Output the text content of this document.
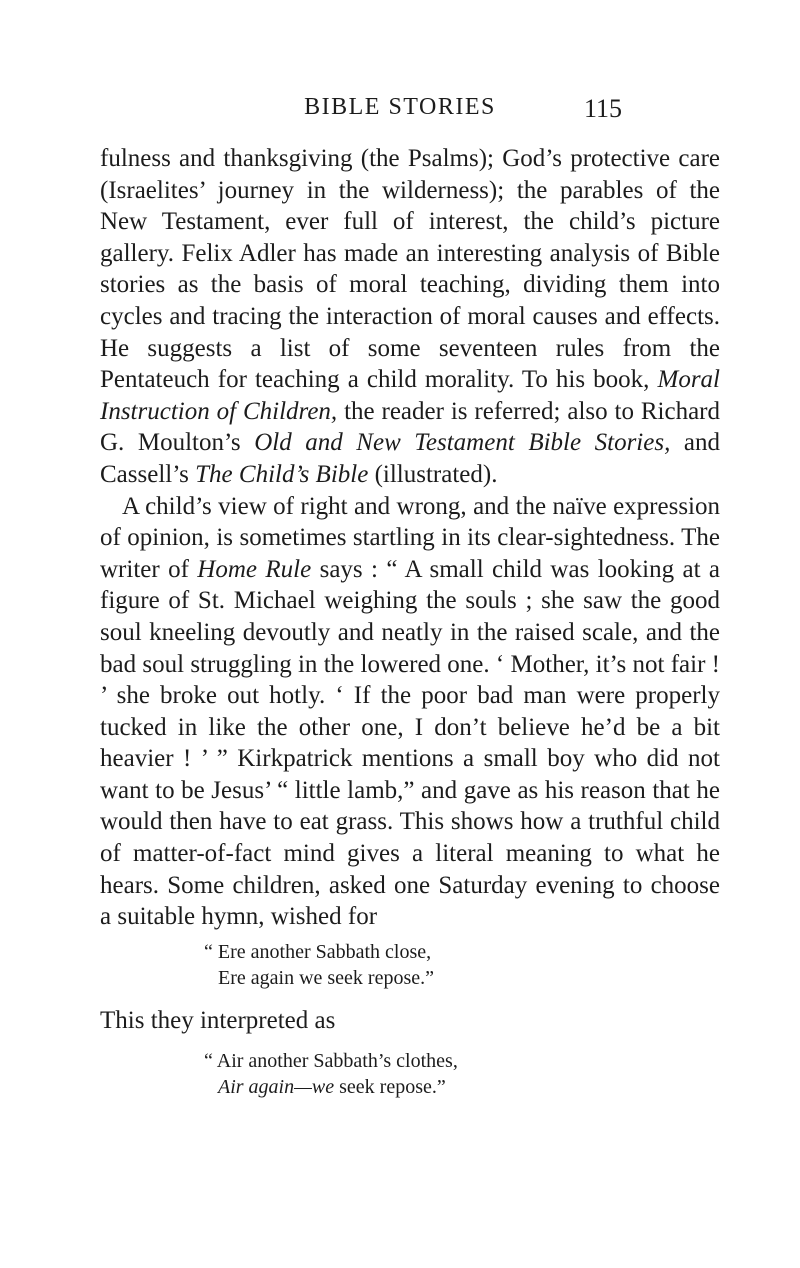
BIBLE STORIES	115

fulness and thanksgiving (the Psalms); God’s protective care (Israelites’ journey in the wilderness); the parables of the New Testament, ever full of interest, the child’s picture gallery. Felix Adler has made an interesting analysis of Bible stories as the basis of moral teaching, dividing them into cycles and tracing the interaction of moral causes and effects. He suggests a list of some seventeen rules from the Pentateuch for teaching a child morality. To his book, Moral Instruction of Children, the reader is referred; also to Richard G. Moulton’s Old and New Testament Bible Stories, and Cassell’s The Child’s Bible (illustrated).

A child’s view of right and wrong, and the naïve expression of opinion, is sometimes startling in its clear-sightedness. The writer of Home Rule says : “ A small child was looking at a figure of St. Michael weighing the souls ; she saw the good soul kneeling devoutly and neatly in the raised scale, and the bad soul struggling in the lowered one. ‘ Mother, it’s not fair ! ’ she broke out hotly. ‘ If the poor bad man were properly tucked in like the other one, I don’t believe he’d be a bit heavier ! ’ ” Kirkpatrick mentions a small boy who did not want to be Jesus’ “ little lamb,” and gave as his reason that he would then have to eat grass. This shows how a truthful child of matter-of-fact mind gives a literal meaning to what he hears. Some children, asked one Saturday evening to choose a suitable hymn, wished for

“ Ere another Sabbath close,
Ere again we seek repose.”

This they interpreted as

“ Air another Sabbath’s clothes,
Air again—we seek repose.”
